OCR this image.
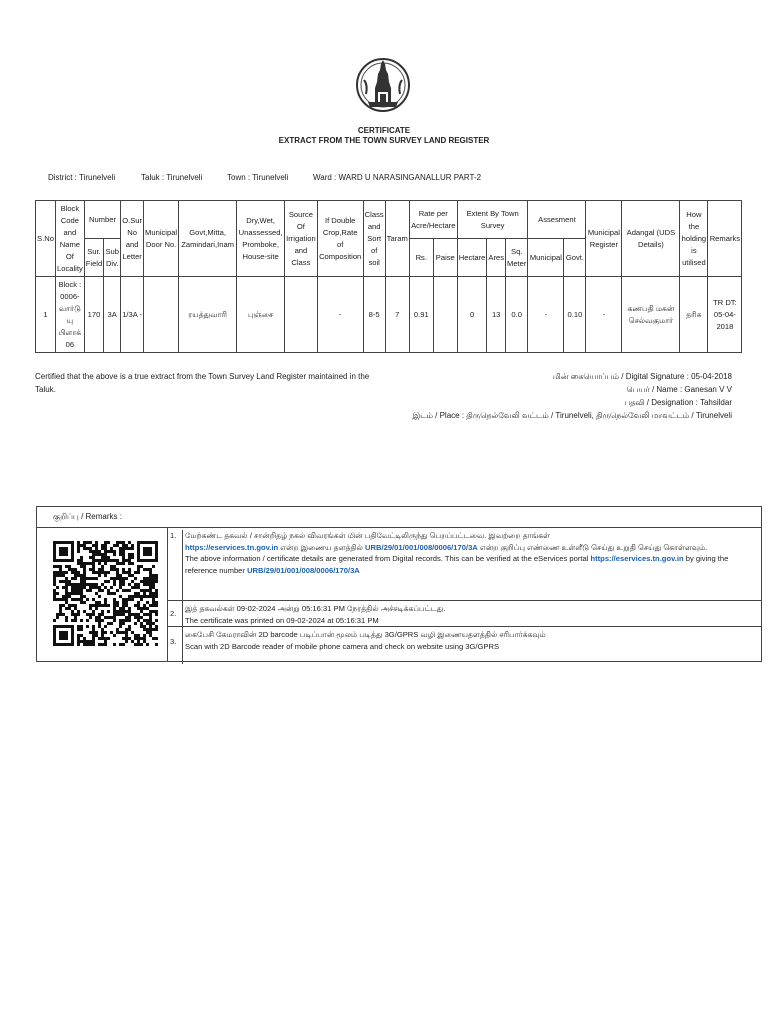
CERTIFICATE
EXTRACT FROM THE TOWN SURVEY LAND REGISTER
District : Tirunelveli	Taluk : Tirunelveli	Town : Tirunelveli	Ward : WARD U NARASINGANALLUR PART-2
S.No	Block Code and Name Of Locality	Number		O.Sur No and Letter	Municipal Door No.	Govt,Mitta, Zamindari,Inam	Dry,Wet, Unassessed, Promboke, House-site	Source Of Irrigation and Class	If Double Crop,Rate of Composition	Class and Sort of soil	Taram	Rate per Acre/Hectare		Extent By Town Survey			Assesment		Municipal Register	Adangal (UDS Details)	How the holding is utilised	Remarks
		Sur. Field	Sub Div.									Rs.	Paise	Hectare	Ares	Sq. Meter	Municipal	Govt.				
1	Block : 0006- வார்டு யு பிளாக் 06	170	3A	1/3A -		ரயத்துவாரி	புஞ்சை		-	8-5	7	0.91		0	13	0.0	-	0.10	-	கணபதி மகன் செல்வகுமார்	தரிசு	TR DT: 05-04-2018
Certified that the above is a true extract from the Town Survey Land Register maintained in the Taluk.
மின் கையொப்பம் / Digital Signature : 05-04-2018
பெயர் / Name : Ganesan V V
பதவி / Designation : Tahsildar
இடம் / Place : திருநெல்வேலி வட்டம் / Tirunelveli, திருநெல்வேலி மாவட்டம் / Tirunelveli
குறிப்பு / Remarks :
1.	மேற்கண்ட தகவல் / சான்றிதழ் நகல் விவரங்கள் மின் பதிவேட்டிலிருந்து பெறப்பட்டவை. இவற்றை தாங்கள்
https://eservices.tn.gov.in என்ற இணைய தளத்தில் URB/29/01/001/008/0006/170/3A என்ற குறிப்பு எண்ணை உள்ளீடு செய்து உறுதி செய்து கொள்ளவும்.
The above information / certificate details are generated from Digital records. This can be verified at the eServices portal https://eservices.tn.gov.in by giving the reference number URB/29/01/001/008/0006/170/3A
2.
இத் தகவல்கள் 09-02-2024 அன்று 05:16:31 PM நேரத்தில் அச்சடிக்கப்பட்டது.
The certificate was printed on 09-02-2024 at 05:16:31 PM
3.
கைபேசி கேமராவின் 2D barcode படிப்பான் மூலம் படித்து 3G/GPRS வழி இணையதளத்தில் சரிபார்க்கவும்
Scan with 2D Barcode reader of mobile phone camera and check on website using 3G/GPRS
